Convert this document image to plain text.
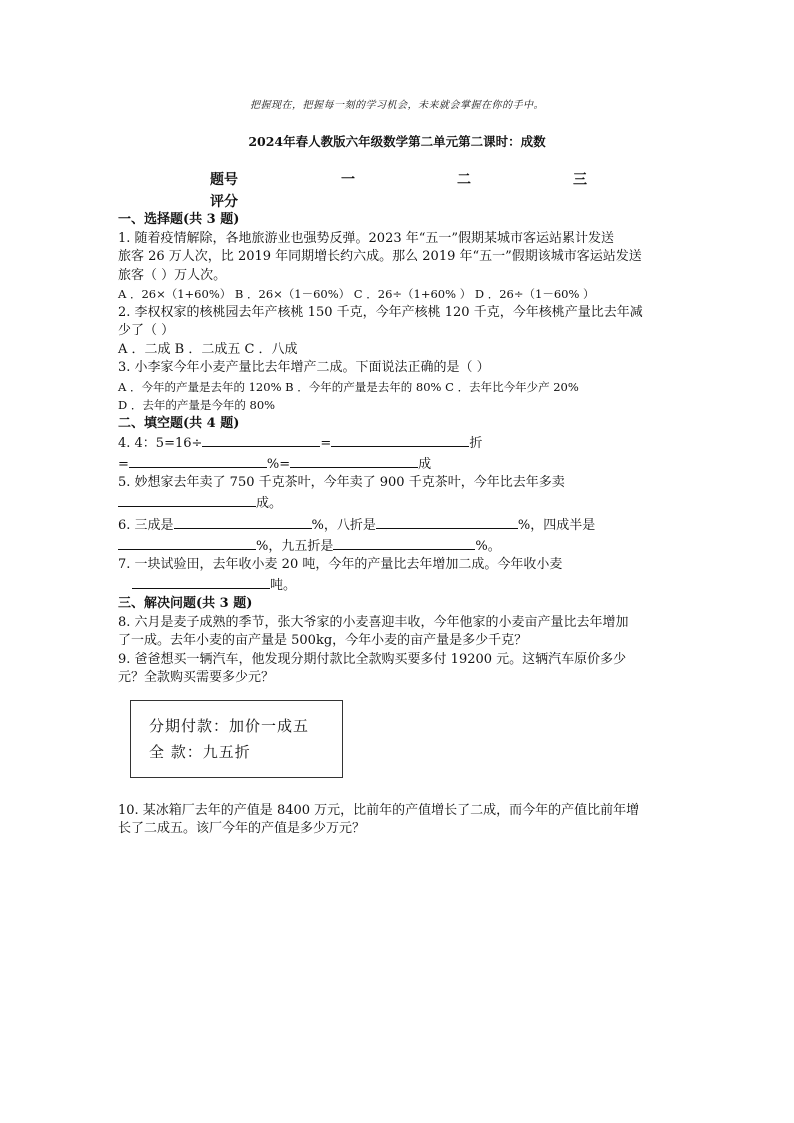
把握现在，把握每一刻的学习机会，未来就会掌握在你的手中。
2024年春人教版六年级数学第二单元第二课时：成数
题号	一	二	三
评分

一、选择题(共 3 题)

1. 随着疫情解除，各地旅游业也强势反弹。2023 年“五一”假期某城市客运站累计发送

旅客 26 万人次，比 2019 年同期增长约六成。那么 2019 年“五一”假期该城市客运站发送

旅客（ ）万人次。

A ．26×（1+60%） B ．26×（1－60%） C ．26÷（1+60% ） D ．26÷（1－60% ）

2. 李权权家的核桃园去年产核桃 150 千克，今年产核桃 120 千克，今年核桃产量比去年减

少了（ ）

A ．二成 B ．二成五 C ．八成

3. 小李家今年小麦产量比去年增产二成。下面说法正确的是（ ）

A ．今年的产量是去年的 120% B ．今年的产量是去年的 80% C ．去年比今年少产 20%

D ．去年的产量是今年的 80%

二、填空题(共 4 题)

4. 4：5=16÷	=	折

=	%=	成

5. 妙想家去年卖了 750 千克茶叶，今年卖了 900 千克茶叶，今年比去年多卖

成。

6. 三成是	%，八折是	%，四成半是

%，九五折是	%。

7. 一块试验田，去年收小麦 20 吨，今年的产量比去年增加二成。今年收小麦

吨。

三、解决问题(共 3 题)

8. 六月是麦子成熟的季节，张大爷家的小麦喜迎丰收，今年他家的小麦亩产量比去年增加

了一成。去年小麦的亩产量是 500kg，今年小麦的亩产量是多少千克？

9. 爸爸想买一辆汽车，他发现分期付款比全款购买要多付 19200 元。这辆汽车原价多少

元？全款购买需要多少元？

分期付款：加价一成五
全 款：九五折

10. 某冰箱厂去年的产值是 8400 万元，比前年的产值增长了二成，而今年的产值比前年增

长了二成五。该厂今年的产值是多少万元？
